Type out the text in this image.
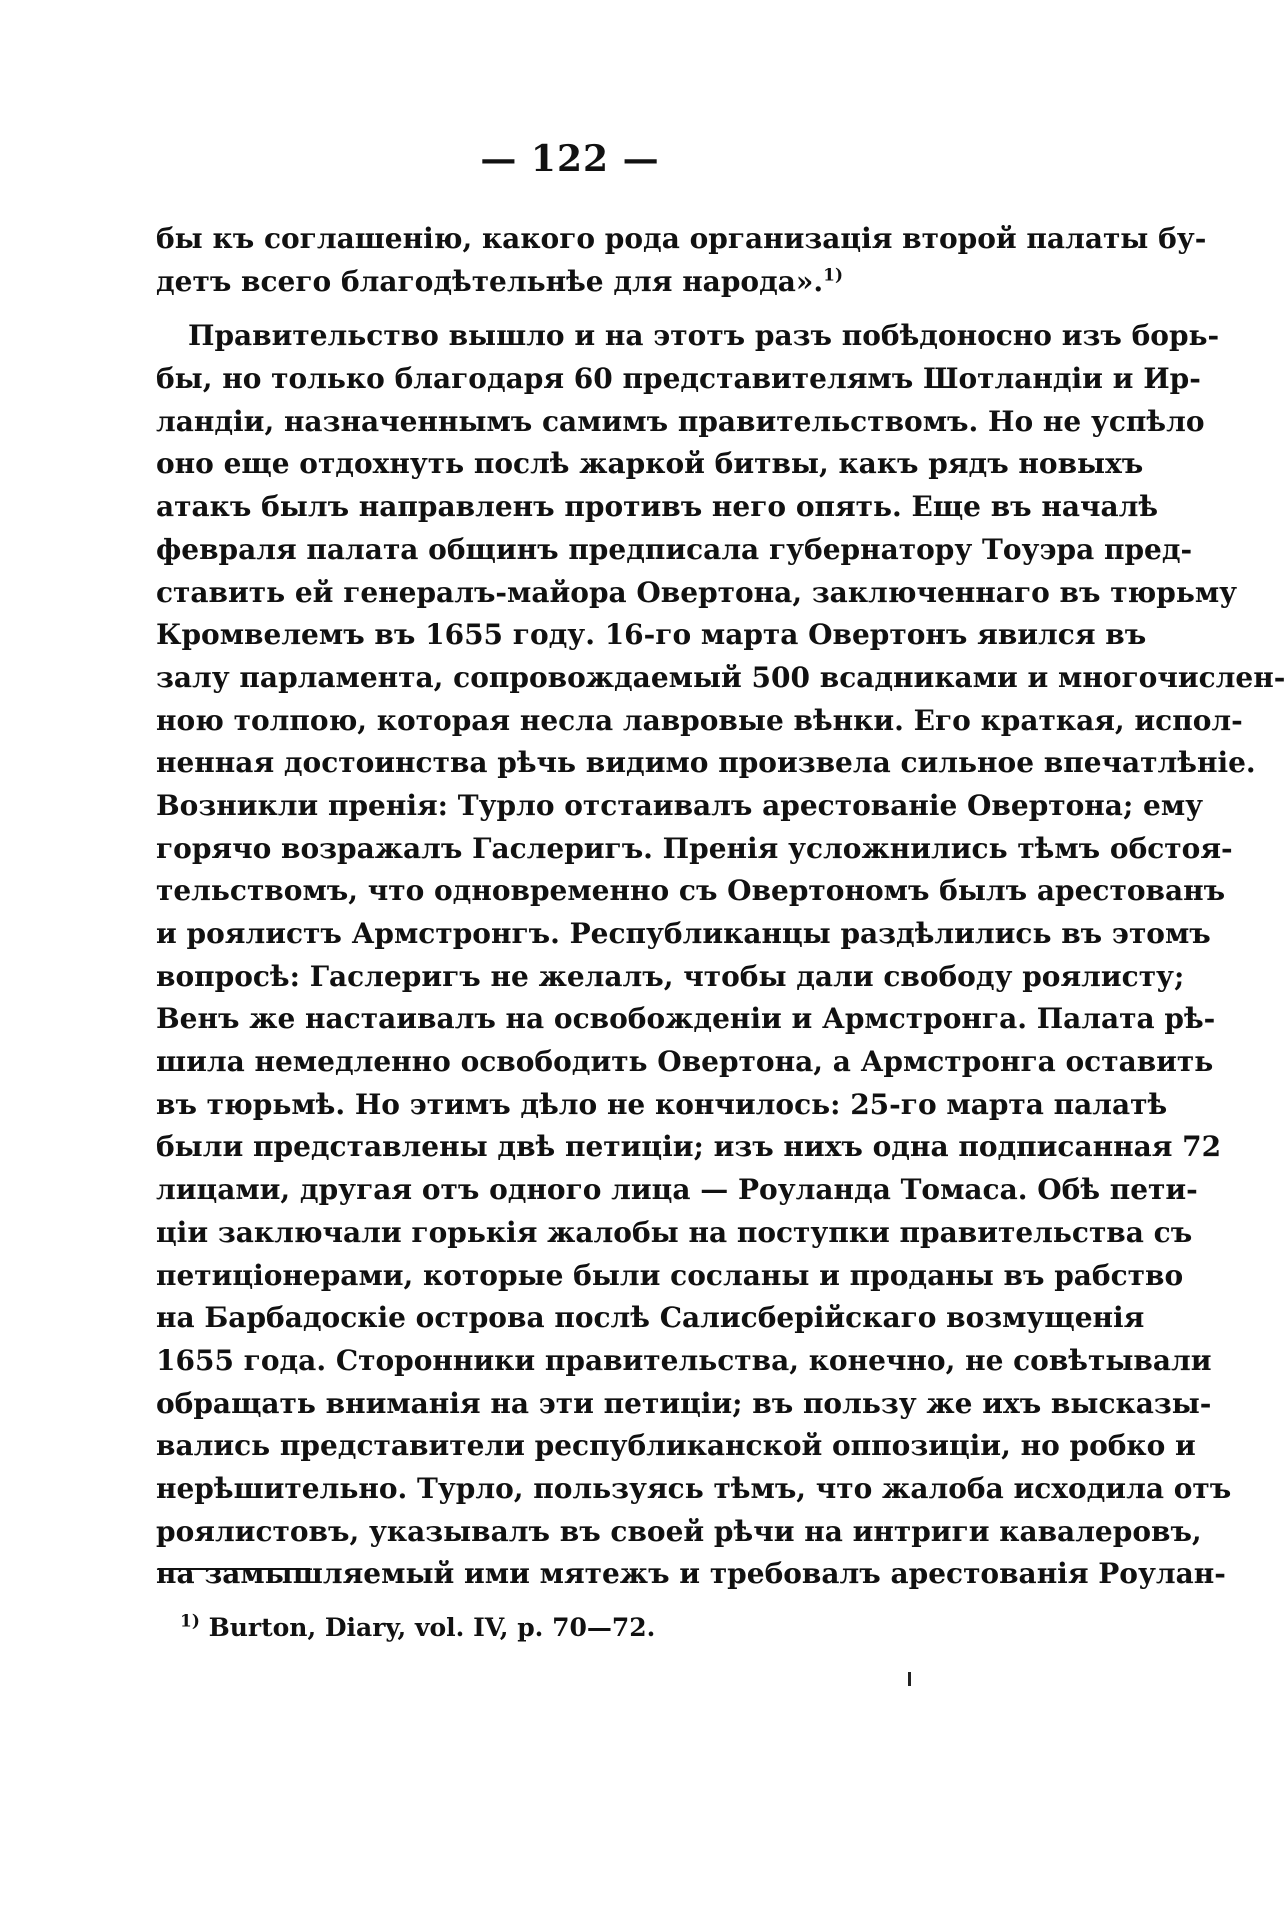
— 122 —
бы къ соглашенію, какого рода организація второй палаты бу-
детъ всего благодѣтельнѣе для народа».$^{1)}$
Правительство вышло и на этотъ разъ побѣдоносно изъ борь-
бы, но только благодаря 60 представителямъ Шотландіи и Ир-
ландіи, назначеннымъ самимъ правительствомъ. Но не успѣло
оно еще отдохнуть послѣ жаркой битвы, какъ рядъ новыхъ
атакъ былъ направленъ противъ него опять. Еще въ началѣ
февраля палата общинъ предписала губернатору Тоуэра пред-
ставить ей генералъ-майора Овертона, заключеннаго въ тюрьму
Кромвелемъ въ 1655 году. 16-го марта Овертонъ явился въ
залу парламента, сопровождаемый 500 всадниками и многочислен-
ною толпою, которая несла лавровые вѣнки. Его краткая, испол-
ненная достоинства рѣчь видимо произвела сильное впечатлѣніе.
Возникли пренія: Турло отстаивалъ арестованіе Овертона; ему
горячо возражалъ Гаслеригъ. Пренія усложнились тѣмъ обстоя-
тельствомъ, что одновременно съ Овертономъ былъ арестованъ
и роялистъ Армстронгъ. Республиканцы раздѣлились въ этомъ
вопросѣ: Гаслеригъ не желалъ, чтобы дали свободу роялисту;
Венъ же настаивалъ на освобожденіи и Армстронга. Палата рѣ-
шила немедленно освободить Овертона, а Армстронга оставить
въ тюрьмѣ. Но этимъ дѣло не кончилось: 25-го марта палатѣ
были представлены двѣ петиціи; изъ нихъ одна подписанная 72
лицами, другая отъ одного лица — Роуланда Томаса. Обѣ пети-
ціи заключали горькія жалобы на поступки правительства съ
петиціонерами, которые были сосланы и проданы въ рабство
на Барбадоскіе острова послѣ Салисберійскаго возмущенія
1655 года. Сторонники правительства, конечно, не совѣтывали
обращать вниманія на эти петиціи; въ пользу же ихъ высказы-
вались представители республиканской оппозиціи, но робко и
нерѣшительно. Турло, пользуясь тѣмъ, что жалоба исходила отъ
роялистовъ, указывалъ въ своей рѣчи на интриги кавалеровъ,
на замышляемый ими мятежъ и требовалъ арестованія Роулан-
$^{1)}$ Burton, Diary, vol. IV, p. 70—72.
